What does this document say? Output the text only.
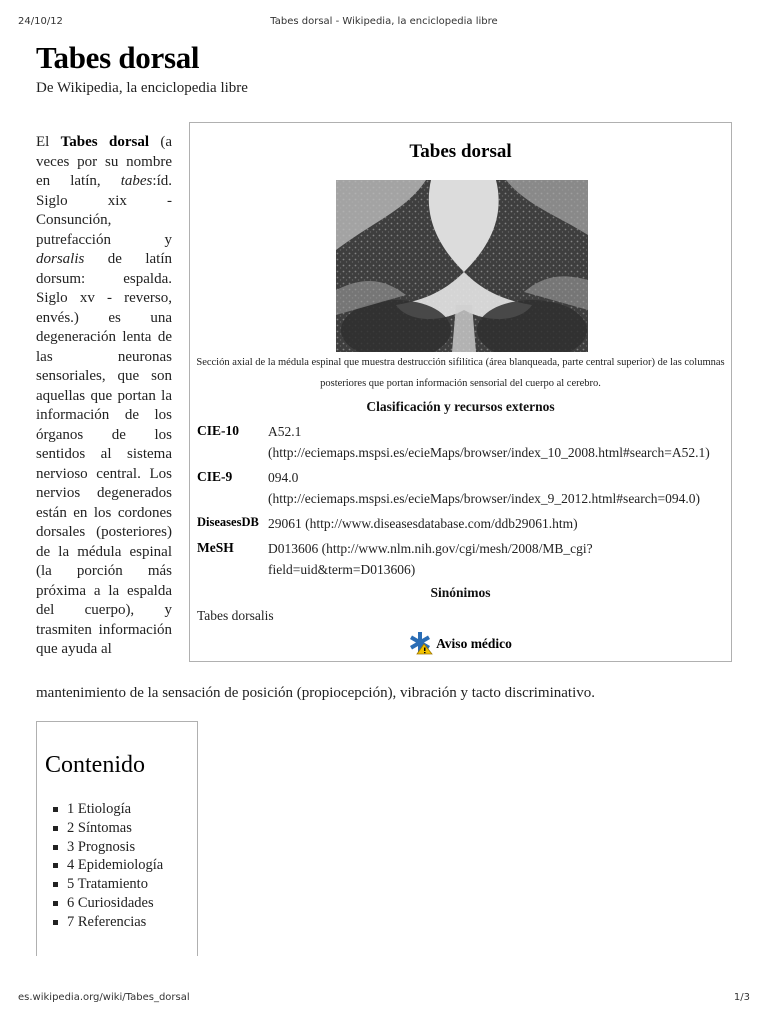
24/10/12	Tabes dorsal - Wikipedia, la enciclopedia libre
Tabes dorsal
De Wikipedia, la enciclopedia libre
El Tabes dorsal (a veces por su nombre en latín, tabes:íd. Siglo xix - Consunción, putrefacción y dorsalis de latín dorsum: espalda. Siglo xv - reverso, envés.) es una degeneración lenta de las neuronas sensoriales, que son aquellas que portan la información de los órganos de los sentidos al sistema nervioso central. Los nervios degenerados están en los cordones dorsales (posteriores) de la médula espinal (la porción más próxima a la espalda del cuerpo), y trasmiten información que ayuda al
mantenimiento de la sensación de posición (propiocepción), vibración y tacto discriminativo.
Tabes dorsal
Sección axial de la médula espinal que muestra destrucción sifilítica (área blanqueada, parte central superior) de las columnas posteriores que portan información sensorial del cuerpo al cerebro.
Clasificación y recursos externos
CIE-10 A52.1 (http://eciemaps.mspsi.es/ecieMaps/browser/index_10_2008.html#search=A52.1)
CIE-9	094.0 (http://eciemaps.mspsi.es/ecieMaps/browser/index_9_2012.html#search=094.0)
DiseasesDB 29061 (http://www.diseasesdatabase.com/ddb29061.htm)
MeSH	D013606 (http://www.nlm.nih.gov/cgi/mesh/2008/MB_cgi?field=uid&term=D013606)
Sinónimos
Tabes dorsalis
Aviso médico
Contenido
1 Etiología
2 Síntomas
3 Prognosis
4 Epidemiología
5 Tratamiento
6 Curiosidades
7 Referencias
es.wikipedia.org/wiki/Tabes_dorsal	1/3
